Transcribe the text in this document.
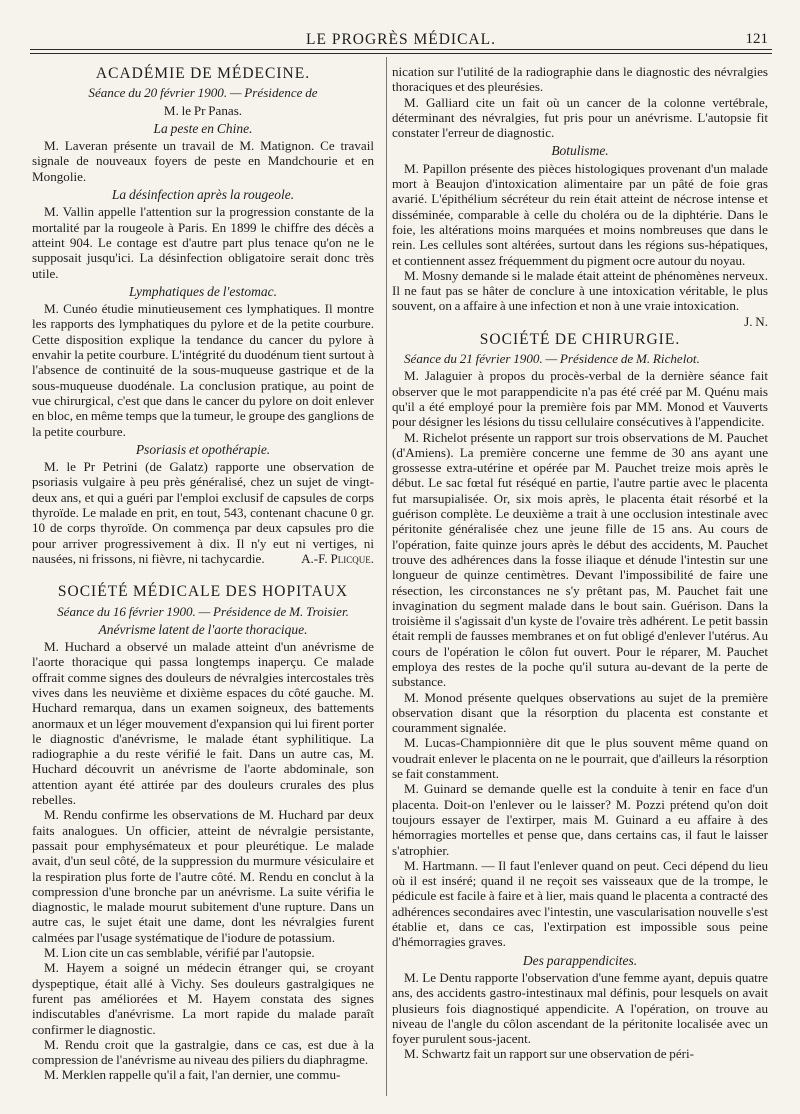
LE PROGRÈS MÉDICAL.	121
ACADÉMIE DE MÉDECINE.
Séance du 20 février 1900. — Présidence de
M. le Pr Panas.
La peste en Chine.

M. Laveran présente un travail de M. Matignon. Ce travail signale de nouveaux foyers de peste en Mandchourie et en Mongolie.

La désinfection après la rougeole.

M. Vallin appelle l'attention sur la progression constante de la mortalité par la rougeole à Paris. En 1899 le chiffre des décès a atteint 904. Le contage est d'autre part plus tenace qu'on ne le supposait jusqu'ici. La désinfection obligatoire serait donc très utile.

Lymphatiques de l'estomac.

M. Cunéo étudie minutieusement ces lymphatiques. Il montre les rapports des lymphatiques du pylore et de la petite courbure. Cette disposition explique la tendance du cancer du pylore à envahir la petite courbure. L'intégrité du duodénum tient surtout à l'absence de continuité de la sous-muqueuse gastrique et de la sous-muqueuse duodénale. La conclusion pratique, au point de vue chirurgical, c'est que dans le cancer du pylore on doit enlever en bloc, en même temps que la tumeur, le groupe des ganglions de la petite courbure.

Psoriasis et opothérapie.

M. le Pr Petrini (de Galatz) rapporte une observation de psoriasis vulgaire à peu près généralisé, chez un sujet de vingt-deux ans, et qui a guéri par l'emploi exclusif de capsules de corps thyroïde. Le malade en prit, en tout, 543, contenant chacune 0 gr. 10 de corps thyroïde. On commença par deux capsules pro die pour arriver progressivement à dix. Il n'y eut ni vertiges, ni nausées, ni frissons, ni fièvre, ni tachycardie.	A.-F. Plicque.

SOCIÉTÉ MÉDICALE DES HOPITAUX
Séance du 16 février 1900. — Présidence de M. Troisier.
Anévrisme latent de l'aorte thoracique.

M. Huchard a observé un malade atteint d'un anévrisme de l'aorte thoracique qui passa longtemps inaperçu. Ce malade offrait comme signes des douleurs de névralgies intercostales très vives dans les neuvième et dixième espaces du côté gauche. M. Huchard remarqua, dans un examen soigneux, des battements anormaux et un léger mouvement d'expansion qui lui firent porter le diagnostic d'anévrisme, le malade étant syphilitique. La radiographie a du reste vérifié le fait. Dans un autre cas, M. Huchard découvrit un anévrisme de l'aorte abdominale, son attention ayant été attirée par des douleurs crurales des plus rebelles.

M. Rendu confirme les observations de M. Huchard par deux faits analogues. Un officier, atteint de névralgie persistante, passait pour emphysémateux et pour pleurétique. Le malade avait, d'un seul côté, de la suppression du murmure vésiculaire et la respiration plus forte de l'autre côté. M. Rendu en conclut à la compression d'une bronche par un anévrisme. La suite vérifia le diagnostic, le malade mourut subitement d'une rupture. Dans un autre cas, le sujet était une dame, dont les névralgies furent calmées par l'usage systématique de l'iodure de potassium.

M. Lion cite un cas semblable, vérifié par l'autopsie.

M. Hayem a soigné un médecin étranger qui, se croyant dyspeptique, était allé à Vichy. Ses douleurs gastralgiques ne furent pas améliorées et M. Hayem constata des signes indiscutables d'anévrisme. La mort rapide du malade paraît confirmer le diagnostic.

M. Rendu croit que la gastralgie, dans ce cas, est due à la compression de l'anévrisme au niveau des piliers du diaphragme.

M. Merklen rappelle qu'il a fait, l'an dernier, une commu-

nication sur l'utilité de la radiographie dans le diagnostic des névralgies thoraciques et des pleurésies.

M. Galliard cite un fait où un cancer de la colonne vertébrale, déterminant des névralgies, fut pris pour un anévrisme. L'autopsie fit constater l'erreur de diagnostic.

Botulisme.

M. Papillon présente des pièces histologiques provenant d'un malade mort à Beaujon d'intoxication alimentaire par un pâté de foie gras avarié. L'épithélium sécréteur du rein était atteint de nécrose intense et disséminée, comparable à celle du choléra ou de la diphtérie. Dans le foie, les altérations moins marquées et moins nombreuses que dans le rein. Les cellules sont altérées, surtout dans les régions sus-hépatiques, et contiennent assez fréquemment du pigment ocre autour du noyau.

M. Mosny demande si le malade était atteint de phénomènes nerveux. Il ne faut pas se hâter de conclure à une intoxication véritable, le plus souvent, on a affaire à une infection et non à une vraie intoxication.
J. N.

SOCIÉTÉ DE CHIRURGIE.
Séance du 21 février 1900. — Présidence de M. Richelot.

M. Jalaguier à propos du procès-verbal de la dernière séance fait observer que le mot parappendicite n'a pas été créé par M. Quénu mais qu'il a été employé pour la première fois par MM. Monod et Vauverts pour désigner les lésions du tissu cellulaire consécutives à l'appendicite.

M. Richelot présente un rapport sur trois observations de M. Pauchet (d'Amiens). La première concerne une femme de 30 ans ayant une grossesse extra-utérine et opérée par M. Pauchet treize mois après le début. Le sac fœtal fut réséqué en partie, l'autre partie avec le placenta fut marsupialisée. Or, six mois après, le placenta était résorbé et la guérison complète. Le deuxième a trait à une occlusion intestinale avec péritonite généralisée chez une jeune fille de 15 ans. Au cours de l'opération, faite quinze jours après le début des accidents, M. Pauchet trouve des adhérences dans la fosse iliaque et dénude l'intestin sur une longueur de quinze centimètres. Devant l'impossibilité de faire une résection, les circonstances ne s'y prêtant pas, M. Pauchet fait une invagination du segment malade dans le bout sain. Guérison. Dans la troisième il s'agissait d'un kyste de l'ovaire très adhérent. Le petit bassin était rempli de fausses membranes et on fut obligé d'enlever l'utérus. Au cours de l'opération le côlon fut ouvert. Pour le réparer, M. Pauchet employa des restes de la poche qu'il sutura au-devant de la perte de substance.

M. Monod présente quelques observations au sujet de la première observation disant que la résorption du placenta est constante et couramment signalée.

M. Lucas-Championnière dit que le plus souvent même quand on voudrait enlever le placenta on ne le pourrait, que d'ailleurs la résorption se fait constamment.

M. Guinard se demande quelle est la conduite à tenir en face d'un placenta. Doit-on l'enlever ou le laisser? M. Pozzi prétend qu'on doit toujours essayer de l'extirper, mais M. Guinard a eu affaire à des hémorragies mortelles et pense que, dans certains cas, il faut le laisser s'atrophier.

M. Hartmann. — Il faut l'enlever quand on peut. Ceci dépend du lieu où il est inséré; quand il ne reçoit ses vaisseaux que de la trompe, le pédicule est facile à faire et à lier, mais quand le placenta a contracté des adhérences secondaires avec l'intestin, une vascularisation nouvelle s'est établie et, dans ce cas, l'extirpation est impossible sous peine d'hémorragies graves.

Des parappendicites.

M. Le Dentu rapporte l'observation d'une femme ayant, depuis quatre ans, des accidents gastro-intestinaux mal définis, pour lesquels on avait plusieurs fois diagnostiqué appendicite. A l'opération, on trouve au niveau de l'angle du côlon ascendant de la péritonite localisée avec un foyer purulent sous-jacent.

M. Schwartz fait un rapport sur une observation de péri-
